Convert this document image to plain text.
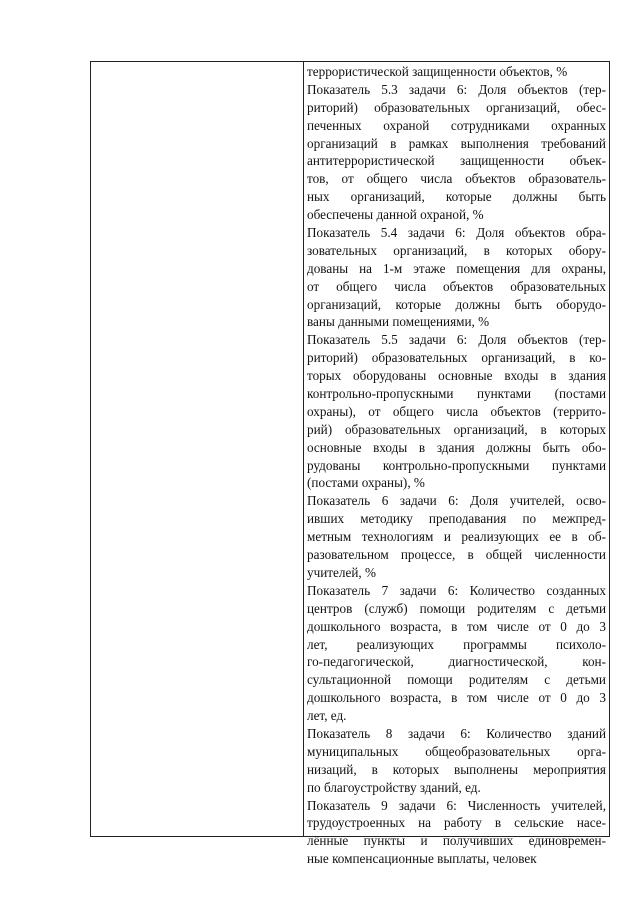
террористической защищенности объектов, %
Показатель 5.3 задачи 6: Доля объектов (тер-
риторий) образовательных организаций, обес-
печенных охраной сотрудниками охранных
организаций в рамках выполнения требований
антитеррористической защищенности объек-
тов, от общего числа объектов образователь-
ных организаций, которые должны быть
обеспечены данной охраной, %
Показатель 5.4 задачи 6: Доля объектов обра-
зовательных организаций, в которых обору-
дованы на 1-м этаже помещения для охраны,
от общего числа объектов образовательных
организаций, которые должны быть оборудо-
ваны данными помещениями, %
Показатель 5.5 задачи 6: Доля объектов (тер-
риторий) образовательных организаций, в ко-
торых оборудованы основные входы в здания
контрольно-пропускными пунктами (постами
охраны), от общего числа объектов (террито-
рий) образовательных организаций, в которых
основные входы в здания должны быть обо-
рудованы контрольно-пропускными пунктами
(постами охраны), %
Показатель 6 задачи 6: Доля учителей, осво-
ивших методику преподавания по межпред-
метным технологиям и реализующих ее в об-
разовательном процессе, в общей численности
учителей, %
Показатель 7 задачи 6: Количество созданных
центров (служб) помощи родителям с детьми
дошкольного возраста, в том числе от 0 до 3
лет, реализующих программы психоло-
го-педагогической, диагностической, кон-
сультационной помощи родителям с детьми
дошкольного возраста, в том числе от 0 до 3
лет, ед.
Показатель 8 задачи 6: Количество зданий
муниципальных общеобразовательных орга-
низаций, в которых выполнены мероприятия
по благоустройству зданий, ед.
Показатель 9 задачи 6: Численность учителей,
трудоустроенных на работу в сельские насе-
лённые пункты и получивших единовремен-
ные компенсационные выплаты, человек
